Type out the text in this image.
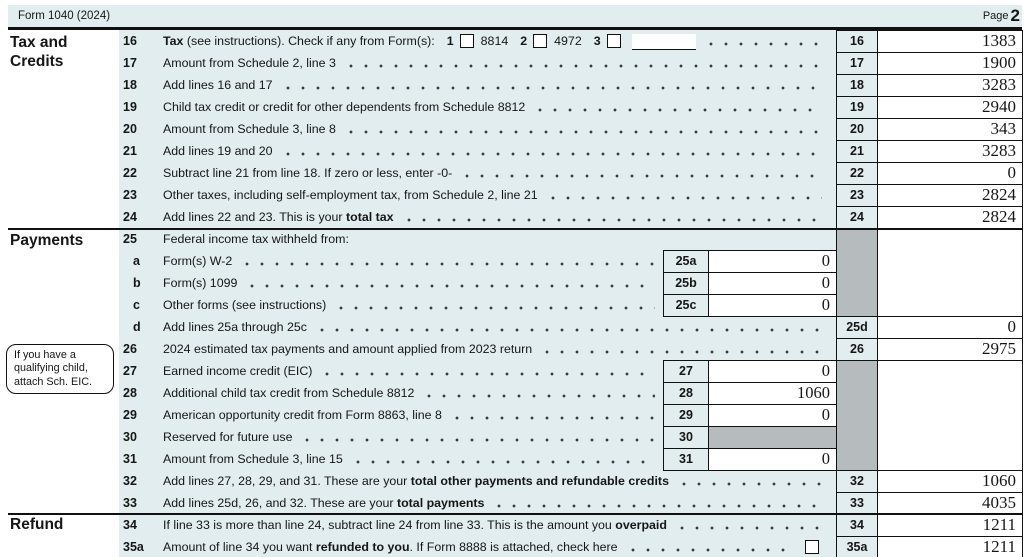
Form 1040 (2024)	Page 2
Tax and
Credits
Payments
Refund
If you have a
qualifying child,
attach Sch. EIC.
16	Tax (see instructions). Check if any from Form(s): 1 8814 2 4972 3	16	1383
17	Amount from Schedule 2, line 3	17	1900
18	Add lines 16 and 17	18	3283
19	Child tax credit or credit for other dependents from Schedule 8812	19	2940
20	Amount from Schedule 3, line 8	20	343
21	Add lines 19 and 20	21	3283
22	Subtract line 21 from line 18. If zero or less, enter -0-	22	0
23	Other taxes, including self-employment tax, from Schedule 2, line 21	23	2824
24	Add lines 22 and 23. This is your total tax	24	2824
25	Federal income tax withheld from:
a	Form(s) W-2	25a	0
b	Form(s) 1099	25b	0
c	Other forms (see instructions)	25c	0
d	Add lines 25a through 25c	25d	0
26	2024 estimated tax payments and amount applied from 2023 return	26	2975
27	Earned income credit (EIC)	27	0
28	Additional child tax credit from Schedule 8812	28	1060
29	American opportunity credit from Form 8863, line 8	29	0
30	Reserved for future use	30
31	Amount from Schedule 3, line 15	31	0
32	Add lines 27, 28, 29, and 31. These are your total other payments and refundable credits	32	1060
33	Add lines 25d, 26, and 32. These are your total payments	33	4035
34	If line 33 is more than line 24, subtract line 24 from line 33. This is the amount you overpaid	34	1211
35a	Amount of line 34 you want refunded to you . If Form 8888 is attached, check here	35a	1211
